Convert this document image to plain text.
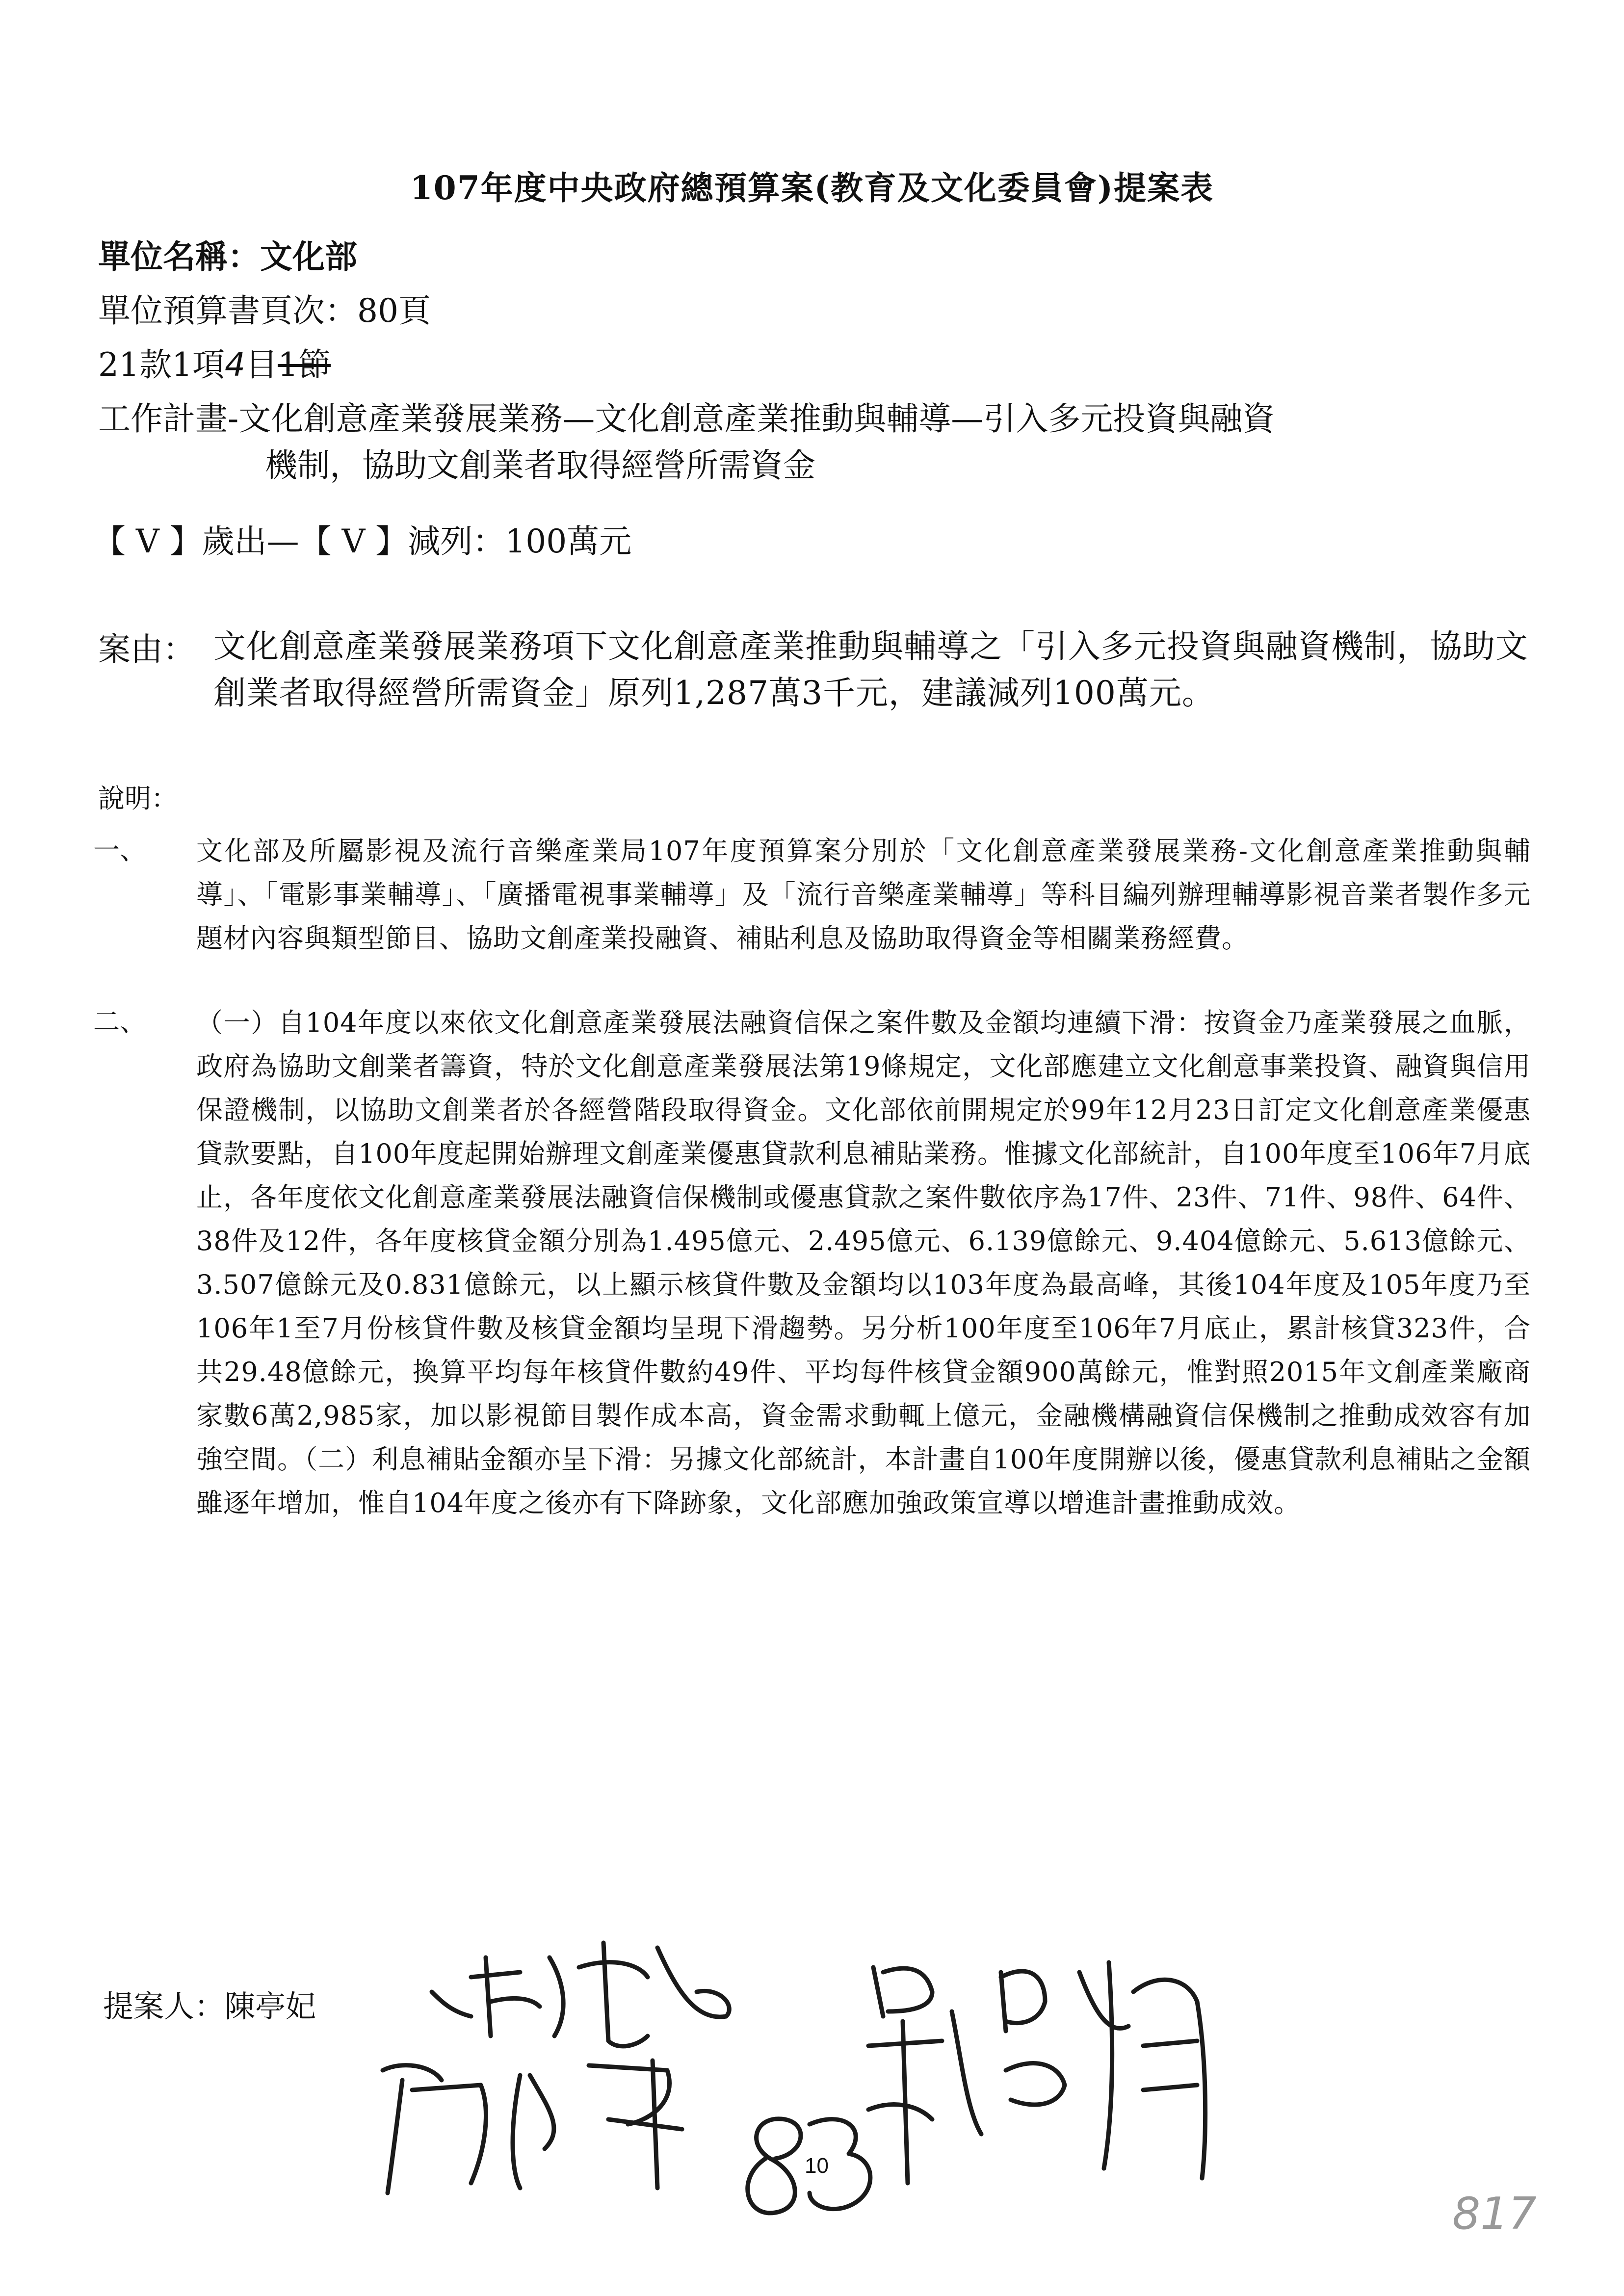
107年度中央政府總預算案(教育及文化委員會)提案表
單位名稱：文化部
單位預算書頁次：80頁
21款1項4目1節
工作計畫-文化創意產業發展業務—文化創意產業推動與輔導—引入多元投資與融資
機制，協助文創業者取得經營所需資金
【 V 】歲出—【 V 】減列：100萬元
案由： 文化創意產業發展業務項下文化創意產業推動與輔導之「引入多元投資與融資機制，協助文創業者取得經營所需資金」原列1,287萬3千元，建議減列100萬元。
說明：
一、 文化部及所屬影視及流行音樂產業局107年度預算案分別於「文化創意產業發展業務-文化創意產業推動與輔導」、「電影事業輔導」、「廣播電視事業輔導」及「流行音樂產業輔導」等科目編列辦理輔導影視音業者製作多元題材內容與類型節目、協助文創產業投融資、補貼利息及協助取得資金等相關業務經費。
二、 （一）自104年度以來依文化創意產業發展法融資信保之案件數及金額均連續下滑：按資金乃產業發展之血脈，政府為協助文創業者籌資，特於文化創意產業發展法第19條規定，文化部應建立文化創意事業投資、融資與信用保證機制，以協助文創業者於各經營階段取得資金。文化部依前開規定於99年12月23日訂定文化創意產業優惠貸款要點，自100年度起開始辦理文創產業優惠貸款利息補貼業務。惟據文化部統計，自100年度至106年7月底止，各年度依文化創意產業發展法融資信保機制或優惠貸款之案件數依序為17件、23件、71件、98件、64件、38件及12件，各年度核貸金額分別為1.495億元、2.495億元、6.139億餘元、9.404億餘元、5.613億餘元、3.507億餘元及0.831億餘元，以上顯示核貸件數及金額均以103年度為最高峰，其後104年度及105年度乃至106年1至7月份核貸件數及核貸金額均呈現下滑趨勢。另分析100年度至106年7月底止，累計核貸323件，合共29.48億餘元，換算平均每年核貸件數約49件、平均每件核貸金額900萬餘元，惟對照2015年文創產業廠商家數6萬2,985家，加以影視節目製作成本高，資金需求動輒上億元，金融機構融資信保機制之推動成效容有加強空間。（二）利息補貼金額亦呈下滑：另據文化部統計，本計畫自100年度開辦以後，優惠貸款利息補貼之金額雖逐年增加，惟自104年度之後亦有下降跡象，文化部應加強政策宣導以增進計畫推動成效。
提案人：陳亭妃
10
817
